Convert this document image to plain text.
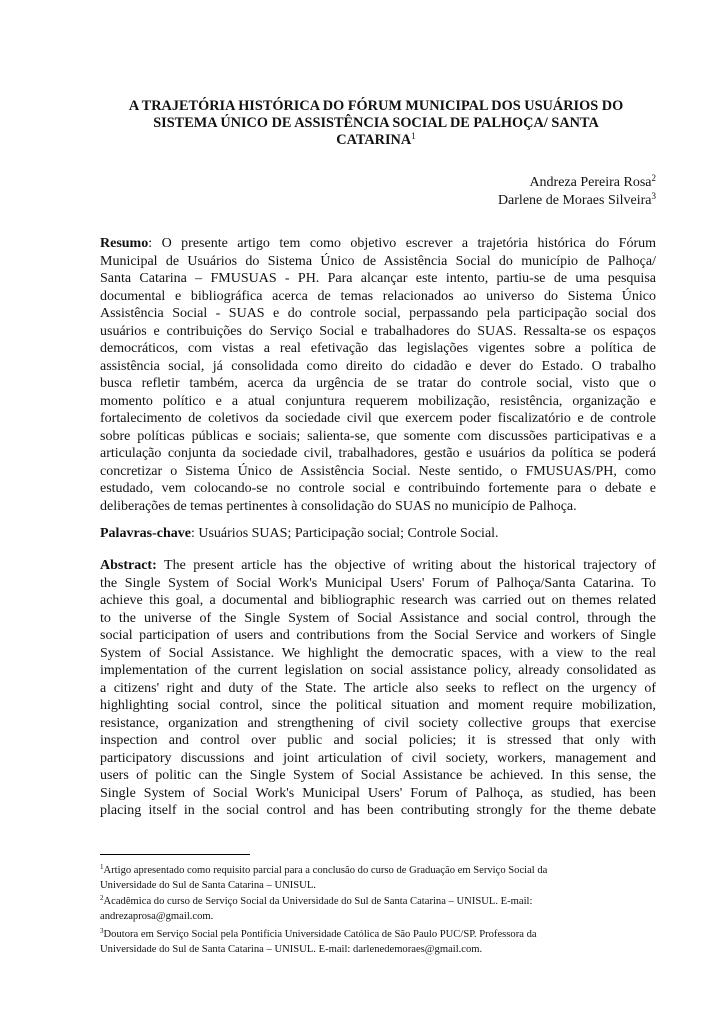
A TRAJETÓRIA HISTÓRICA DO FÓRUM MUNICIPAL DOS USUÁRIOS DO
SISTEMA ÚNICO DE ASSISTÊNCIA SOCIAL DE PALHOÇA/ SANTA
CATARINA$^1$
Andreza Pereira Rosa$^2$
Darlene de Moraes Silveira$^3$
Resumo: O presente artigo tem como objetivo escrever a trajetória histórica do Fórum
Municipal de Usuários do Sistema Único de Assistência Social do município de Palhoça/
Santa Catarina – FMUSUAS - PH. Para alcançar este intento, partiu-se de uma pesquisa
documental e bibliográfica acerca de temas relacionados ao universo do Sistema Único
Assistência Social - SUAS e do controle social, perpassando pela participação social dos
usuários e contribuições do Serviço Social e trabalhadores do SUAS. Ressalta-se os espaços
democráticos, com vistas a real efetivação das legislações vigentes sobre a política de
assistência social, já consolidada como direito do cidadão e dever do Estado. O trabalho
busca refletir também, acerca da urgência de se tratar do controle social, visto que o
momento político e a atual conjuntura requerem mobilização, resistência, organização e
fortalecimento de coletivos da sociedade civil que exercem poder fiscalizatório e de controle
sobre políticas públicas e sociais; salienta-se, que somente com discussões participativas e a
articulação conjunta da sociedade civil, trabalhadores, gestão e usuários da política se poderá
concretizar o Sistema Único de Assistência Social. Neste sentido, o FMUSUAS/PH, como
estudado, vem colocando-se no controle social e contribuindo fortemente para o debate e
deliberações de temas pertinentes à consolidação do SUAS no município de Palhoça.
Palavras-chave: Usuários SUAS; Participação social; Controle Social.
Abstract: The present article has the objective of writing about the historical trajectory of
the Single System of Social Work's Municipal Users' Forum of Palhoça/Santa Catarina. To
achieve this goal, a documental and bibliographic research was carried out on themes related
to the universe of the Single System of Social Assistance and social control, through the
social participation of users and contributions from the Social Service and workers of Single
System of Social Assistance. We highlight the democratic spaces, with a view to the real
implementation of the current legislation on social assistance policy, already consolidated as
a citizens' right and duty of the State. The article also seeks to reflect on the urgency of
highlighting social control, since the political situation and moment require mobilization,
resistance, organization and strengthening of civil society collective groups that exercise
inspection and control over public and social policies; it is stressed that only with
participatory discussions and joint articulation of civil society, workers, management and
users of politic can the Single System of Social Assistance be achieved. In this sense, the
Single System of Social Work's Municipal Users' Forum of Palhoça, as studied, has been
placing itself in the social control and has been contributing strongly for the theme debate
$^1$Artigo apresentado como requisito parcial para a conclusão do curso de Graduação em Serviço Social da
Universidade do Sul de Santa Catarina – UNISUL.
$^2$Acadêmica do curso de Serviço Social da Universidade do Sul de Santa Catarina – UNISUL. E-mail:
andrezaprosa@gmail.com.
$^3$Doutora em Serviço Social pela Pontifícia Universidade Católica de São Paulo PUC/SP. Professora da
Universidade do Sul de Santa Catarina – UNISUL. E-mail: darlenedemoraes@gmail.com.
